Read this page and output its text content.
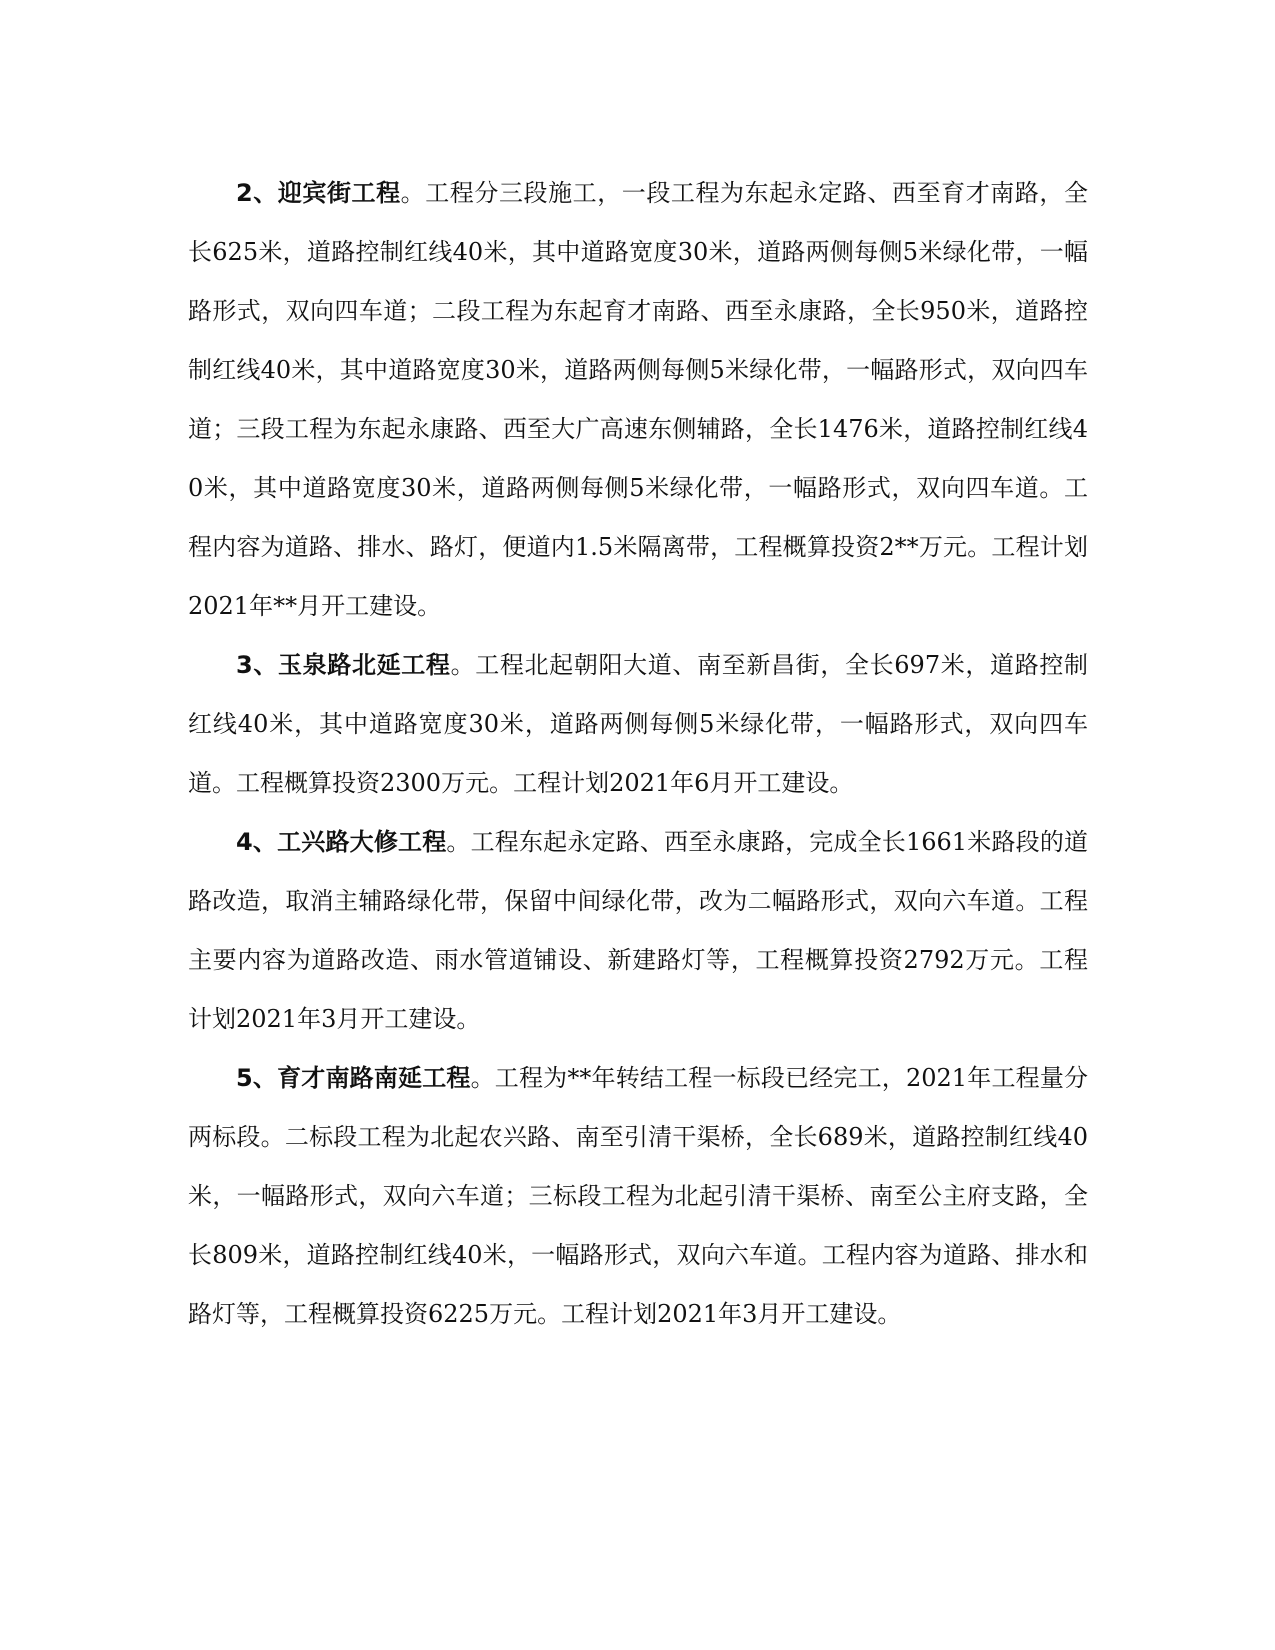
2、迎宾街工程。工程分三段施工，一段工程为东起永定路、西至育才南路，全长625米，道路控制红线40米，其中道路宽度30米，道路两侧每侧5米绿化带，一幅路形式，双向四车道；二段工程为东起育才南路、西至永康路，全长950米，道路控制红线40米，其中道路宽度30米，道路两侧每侧5米绿化带，一幅路形式，双向四车道；三段工程为东起永康路、西至大广高速东侧辅路，全长1476米，道路控制红线40米，其中道路宽度30米，道路两侧每侧5米绿化带，一幅路形式，双向四车道。工程内容为道路、排水、路灯，便道内1.5米隔离带，工程概算投资2**万元。工程计划2021年**月开工建设。

3、玉泉路北延工程。工程北起朝阳大道、南至新昌街，全长697米，道路控制红线40米，其中道路宽度30米，道路两侧每侧5米绿化带，一幅路形式，双向四车道。工程概算投资2300万元。工程计划2021年6月开工建设。

4、工兴路大修工程。工程东起永定路、西至永康路，完成全长1661米路段的道路改造，取消主辅路绿化带，保留中间绿化带，改为二幅路形式，双向六车道。工程主要内容为道路改造、雨水管道铺设、新建路灯等，工程概算投资2792万元。工程计划2021年3月开工建设。

5、育才南路南延工程。工程为**年转结工程一标段已经完工，2021年工程量分两标段。二标段工程为北起农兴路、南至引清干渠桥，全长689米，道路控制红线40米，一幅路形式，双向六车道；三标段工程为北起引清干渠桥、南至公主府支路，全长809米，道路控制红线40米，一幅路形式，双向六车道。工程内容为道路、排水和路灯等，工程概算投资6225万元。工程计划2021年3月开工建设。
